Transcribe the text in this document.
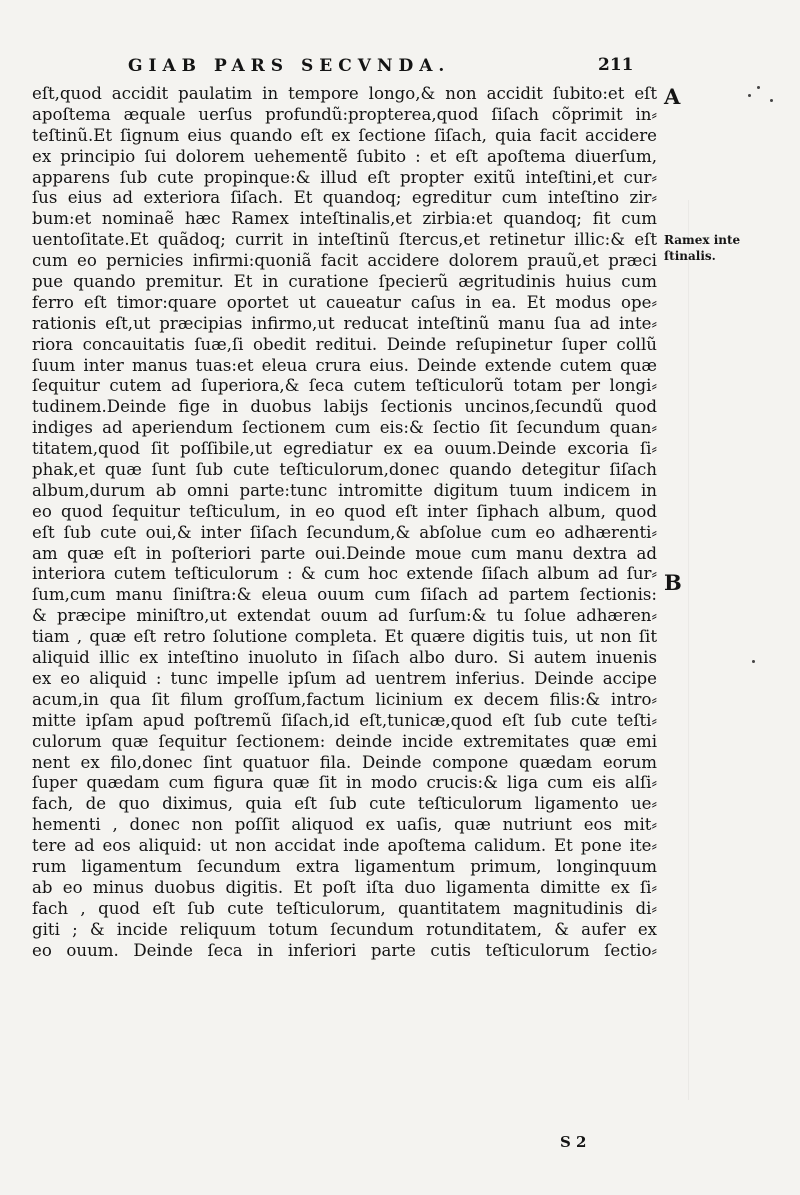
GIAB PARS SECVNDA.	211
eſt,quod accidit paulatim in tempore longo,& non accidit ſubito:et eſt
apoſtema æquale uerſus profundũ:propterea,quod ſiſach cõprimit in⸗
teſtinũ.Et ſignum eius quando eſt ex ſectione ſiſach, quia facit accidere
ex principio ſui dolorem uehementẽ ſubito : et eſt apoſtema diuerſum,
apparens ſub cute propinque:& illud eſt propter exitũ inteſtini,et cur⸗
ſus eius ad exteriora ſiſach. Et quandoq; egreditur cum inteſtino zir⸗
bum:et nominaẽ hæc Ramex inteſtinalis,et zirbia:et quandoq; fit cum
uentoſitate.Et quãdoq; currit in inteſtinũ ſtercus,et retinetur illic:& eſt
cum eo pernicies infirmi:quoniã facit accidere dolorem prauũ,et præci
pue quando premitur. Et in curatione ſpecierũ ægritudinis huius cum
ferro eſt timor:quare oportet ut caueatur caſus in ea. Et modus ope⸗
rationis eſt,ut præcipias infirmo,ut reducat inteſtinũ manu ſua ad inte⸗
riora concauitatis ſuæ,ſi obedit reditui. Deinde reſupinetur ſuper collũ
ſuum inter manus tuas:et eleua crura eius. Deinde extende cutem quæ
ſequitur cutem ad ſuperiora,& ſeca cutem teſticulorũ totam per longi⸗
tudinem.Deinde fige in duobus labijs ſectionis uncinos,ſecundũ quod
indiges ad aperiendum ſectionem cum eis:& ſectio ſit ſecundum quan⸗
titatem,quod ſit poſſibile,ut egrediatur ex ea ouum.Deinde excoria ſi⸗
phak,et quæ ſunt ſub cute teſticulorum,donec quando detegitur ſiſach
album,durum ab omni parte:tunc intromitte digitum tuum indicem in
eo quod ſequitur teſticulum, in eo quod eſt inter ſiphach album, quod
eſt ſub cute oui,& inter ſiſach ſecundum,& abſolue cum eo adhærenti⸗
am quæ eſt in poſteriori parte oui.Deinde moue cum manu dextra ad
interiora cutem teſticulorum : & cum hoc extende ſiſach album ad ſur⸗
ſum,cum manu ſiniſtra:& eleua ouum cum ſiſach ad partem ſectionis:
& præcipe miniſtro,ut extendat ouum ad ſurſum:& tu ſolue adhæren⸗
tiam , quæ eſt retro ſolutione completa. Et quære digitis tuis, ut non ſit
aliquid illic ex inteſtino inuoluto in ſiſach albo duro. Si autem inuenis
ex eo aliquid : tunc impelle ipſum ad uentrem inferius. Deinde accipe
acum,in qua ſit filum groſſum,factum licinium ex decem filis:& intro⸗
mitte ipſam apud poſtremũ ſiſach,id eſt,tunicæ,quod eſt ſub cute teſti⸗
culorum quæ ſequitur ſectionem: deinde incide extremitates quæ emi
nent ex filo,donec ſint quatuor fila. Deinde compone quædam eorum
ſuper quædam cum figura quæ ſit in modo crucis:& liga cum eis alſi⸗
fach, de quo diximus, quia eſt ſub cute teſticulorum ligamento ue⸗
hementi , donec non poſſit aliquod ex uaſis, quæ nutriunt eos mit⸗
tere ad eos aliquid: ut non accidat inde apoſtema calidum. Et pone ite⸗
rum ligamentum ſecundum extra ligamentum primum, longinquum
ab eo minus duobus digitis. Et poſt iſta duo ligamenta dimitte ex ſi⸗
fach , quod eſt ſub cute teſticulorum, quantitatem magnitudinis di⸗
giti ; & incide reliquum totum ſecundum rotunditatem, & aufer ex
eo ouum. Deinde ſeca in inferiori parte cutis teſticulorum ſectio⸗
A
B
Ramex inte
ſtinalis.
S 2
